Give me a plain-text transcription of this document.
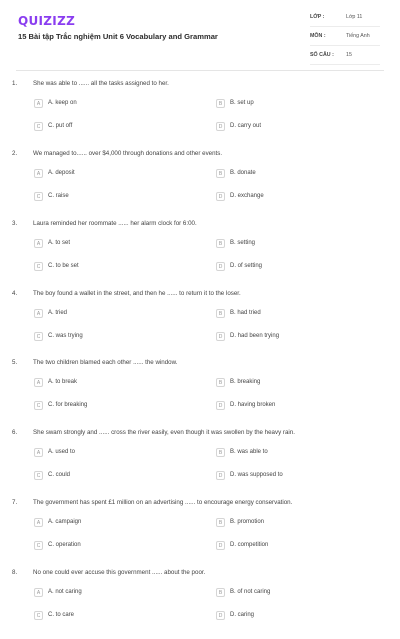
QUIZIZZ
15 Bài tập Trắc nghiệm Unit 6 Vocabulary and Grammar
LỚP :	Lớp 11
MÔN :	Tiếng Anh
SỐ CÂU : 15
1.	She was able to ...... all the tasks assigned to her.
A	A. keep on	B	B. set up
C	C. put off	D	D. carry out
2.	We managed to...... over $4,000 through donations and other events.
A	A. deposit	B	B. donate
C	C. raise	D	D. exchange
3.	Laura reminded her roommate ...... her alarm clock for 6:00.
A	A. to set	B	B. setting
C	C. to be set	D	D. of setting
4.	The boy found a wallet in the street, and then he ...... to return it to the loser.
A	A. tried	B	B. had tried
C	C. was trying	D	D. had been trying
5.	The two children blamed each other ...... the window.
A	A. to break	B	B. breaking
C	C. for breaking	D	D. having broken
6.	She swam strongly and ...... cross the river easily, even though it was swollen by the heavy rain.
A	A. used to	B	B. was able to
C	C. could	D	D. was supposed to
7.	The government has spent £1 million on an advertising ...... to encourage energy conservation.
A	A. campaign	B	B. promotion
C	C. operation	D	D. competition
8.	No one could ever accuse this government ...... about the poor.
A	A. not caring	B	B. of not caring
C	C. to care	D	D. caring
